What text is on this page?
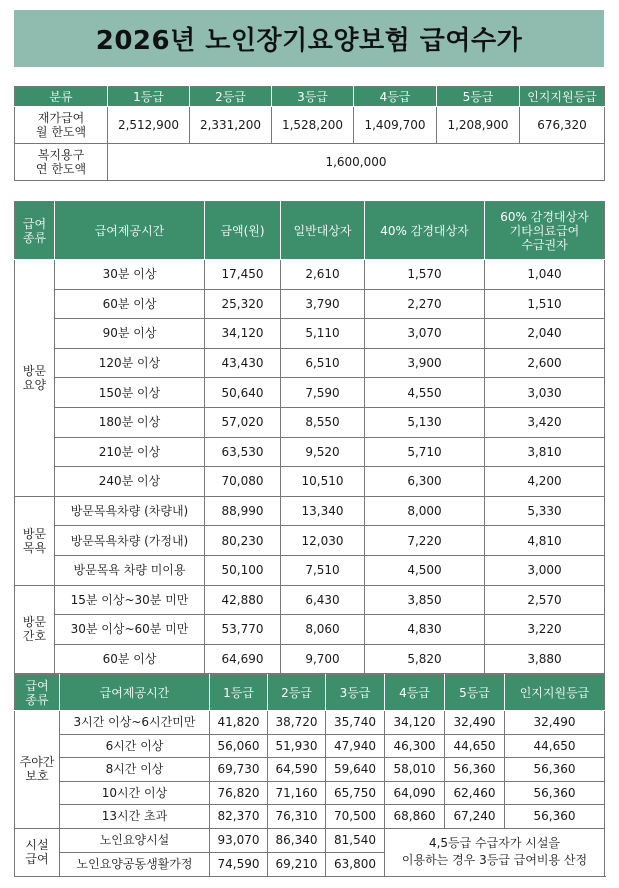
2026년 노인장기요양보험 급여수가
분류	1등급	2등급	3등급	4등급	5등급	인지지원등급
재가급여
월 한도액	2,512,900	2,331,200	1,528,200	1,409,700	1,208,900	676,320
복지용구
연 한도액	1,600,000					
급여
종류	급여제공시간	금액(원)	일반대상자	40% 감경대상자	60% 감경대상자
기타의료급여
수급권자
방문
요양	30분 이상	17,450	2,610	1,570	1,040
	60분 이상	25,320	3,790	2,270	1,510
	90분 이상	34,120	5,110	3,070	2,040
	120분 이상	43,430	6,510	3,900	2,600
	150분 이상	50,640	7,590	4,550	3,030
	180분 이상	57,020	8,550	5,130	3,420
	210분 이상	63,530	9,520	5,710	3,810
	240분 이상	70,080	10,510	6,300	4,200
방문
목욕	방문목욕차량 (차량내)	88,990	13,340	8,000	5,330
	방문목욕차량 (가정내)	80,230	12,030	7,220	4,810
	방문목욕 차량 미이용	50,100	7,510	4,500	3,000
방문
간호	15분 이상~30분 미만	42,880	6,430	3,850	2,570
	30분 이상~60분 미만	53,770	8,060	4,830	3,220
	60분 이상	64,690	9,700	5,820	3,880
급여
종류	급여제공시간	1등급	2등급	3등급	4등급	5등급	인지지원등급
주야간
보호	3시간 이상~6시간미만	41,820	38,720	35,740	34,120	32,490	32,490
	6시간 이상	56,060	51,930	47,940	46,300	44,650	44,650
	8시간 이상	69,730	64,590	59,640	58,010	56,360	56,360
	10시간 이상	76,820	71,160	65,750	64,090	62,460	56,360
	13시간 초과	82,370	76,310	70,500	68,860	67,240	56,360
시설
급여	노인요양시설	93,070	86,340	81,540	4,5등급 수급자가 시설을
이용하는 경우 3등급 급여비용 산정		
	노인요양공동생활가정	74,590	69,210	63,800			
